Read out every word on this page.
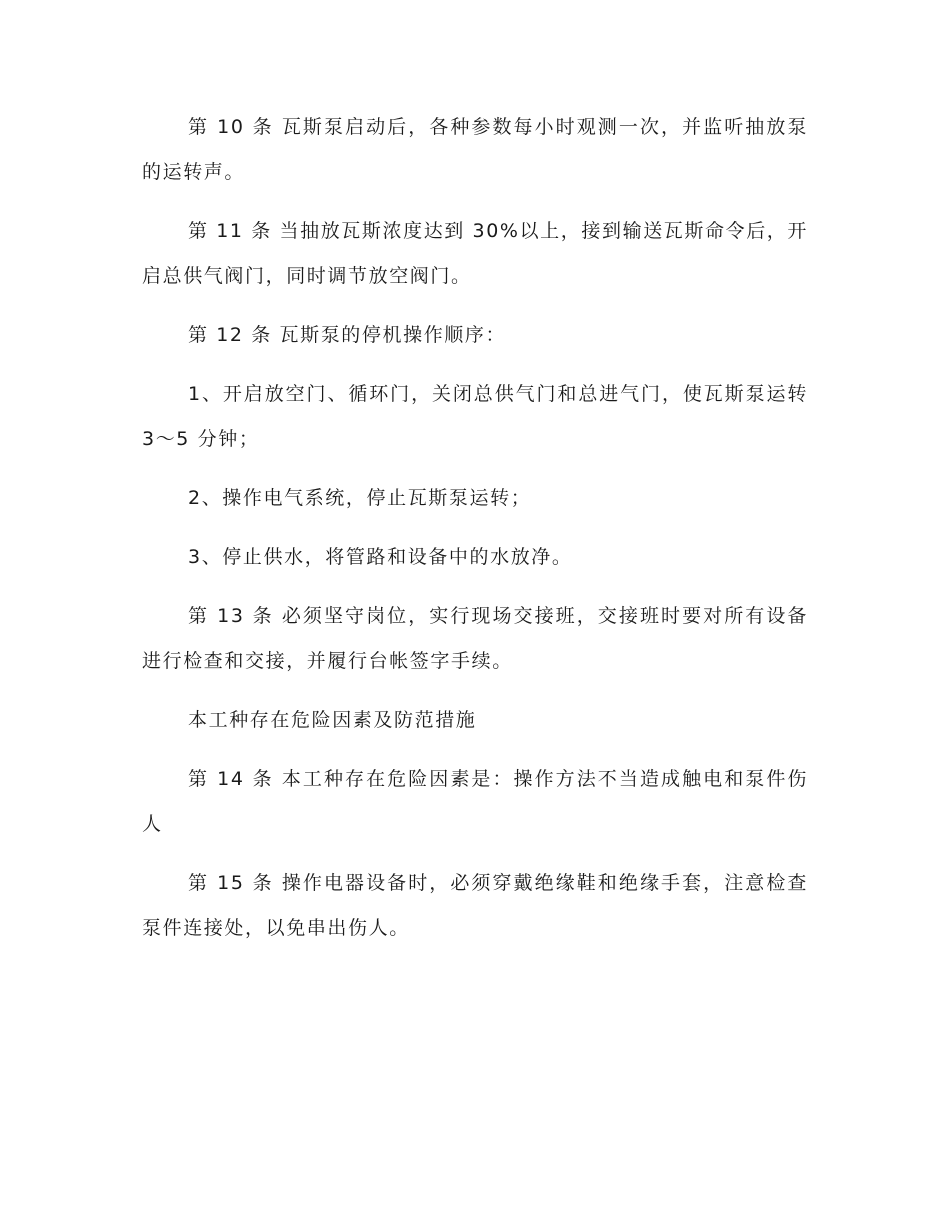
第 10 条 瓦斯泵启动后，各种参数每小时观测一次，并监听抽放泵的运转声。

第 11 条 当抽放瓦斯浓度达到 30%以上，接到输送瓦斯命令后，开启总供气阀门，同时调节放空阀门。

第 12 条 瓦斯泵的停机操作顺序：

1、开启放空门、循环门，关闭总供气门和总进气门，使瓦斯泵运转 3～5 分钟；

2、操作电气系统，停止瓦斯泵运转；

3、停止供水，将管路和设备中的水放净。

第 13 条 必须坚守岗位，实行现场交接班，交接班时要对所有设备进行检查和交接，并履行台帐签字手续。

本工种存在危险因素及防范措施

第 14 条 本工种存在危险因素是：操作方法不当造成触电和泵件伤人

第 15 条 操作电器设备时，必须穿戴绝缘鞋和绝缘手套，注意检查泵件连接处，以免串出伤人。
